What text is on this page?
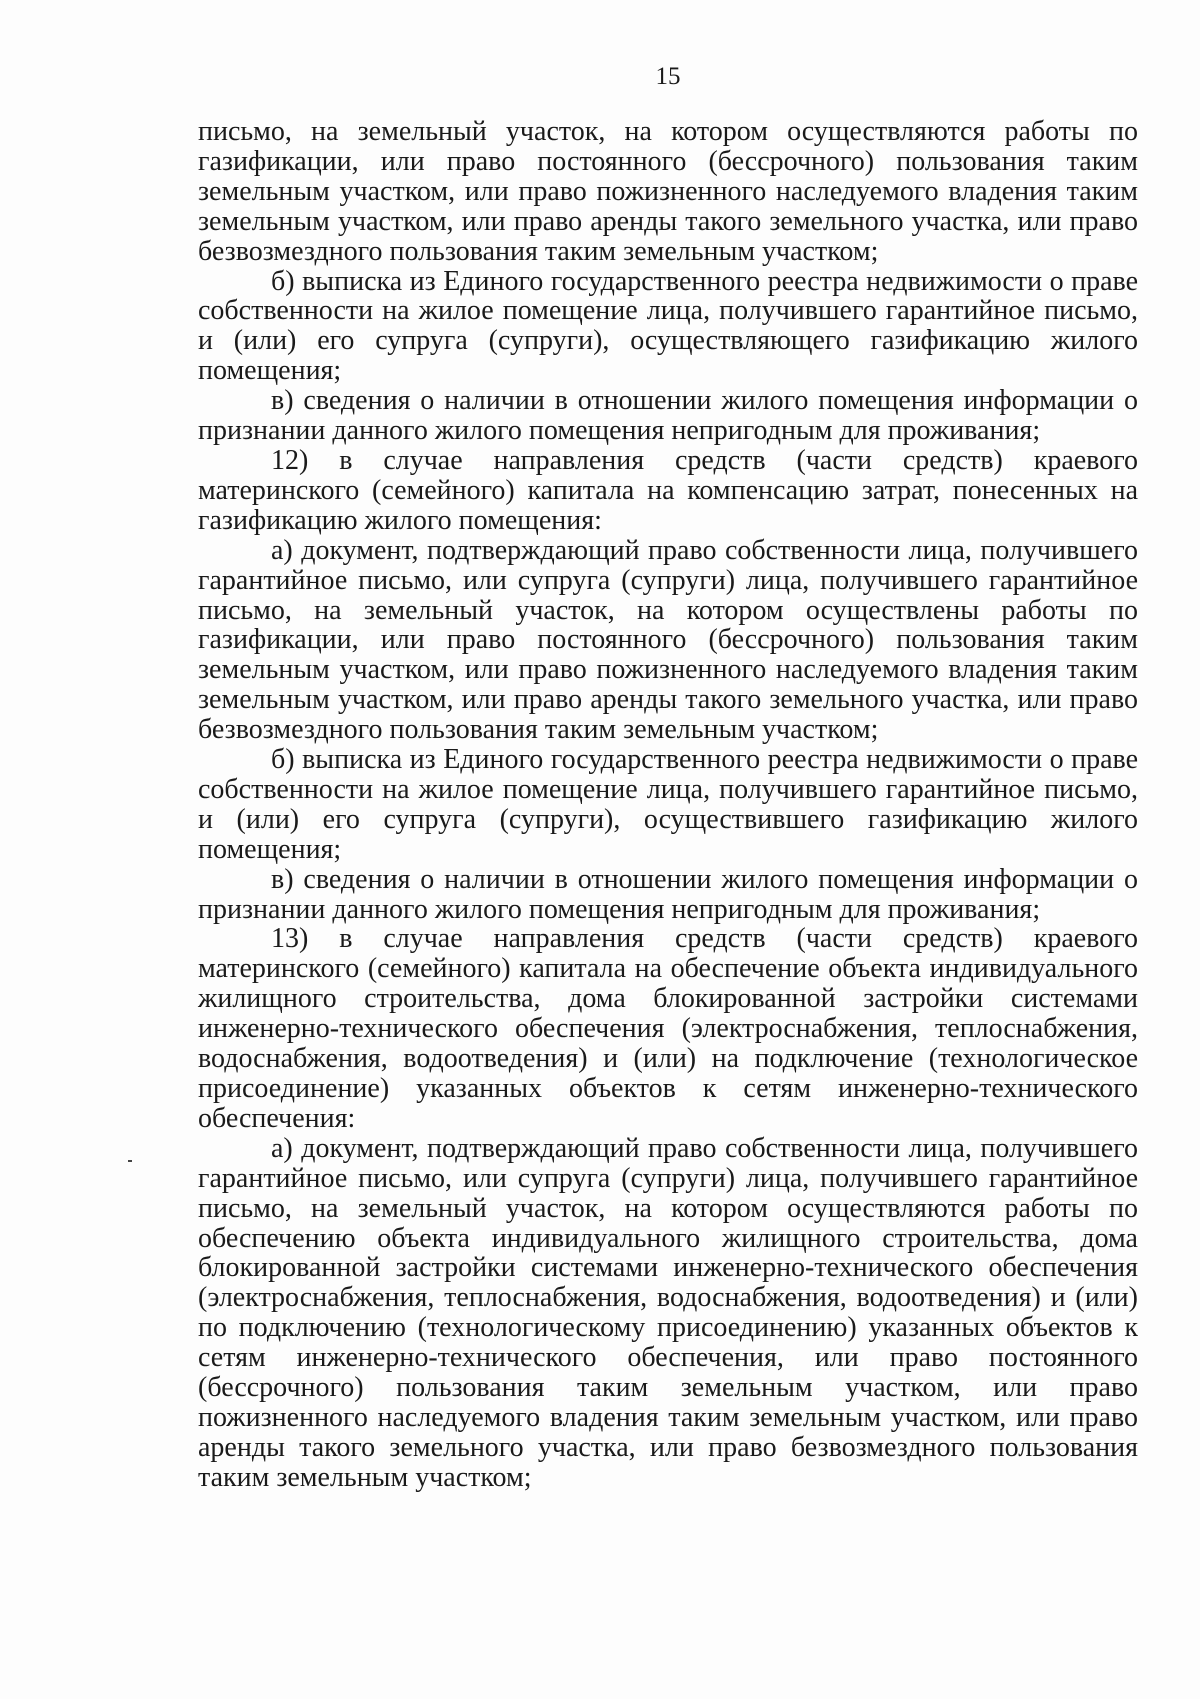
15

письмо, на земельный участок, на котором осуществляются работы по газификации, или право постоянного (бессрочного) пользования таким земельным участком, или право пожизненного наследуемого владения таким земельным участком, или право аренды такого земельного участка, или право безвозмездного пользования таким земельным участком;

б) выписка из Единого государственного реестра недвижимости о праве собственности на жилое помещение лица, получившего гарантийное письмо, и (или) его супруга (супруги), осуществляющего газификацию жилого помещения;

в) сведения о наличии в отношении жилого помещения информации о признании данного жилого помещения непригодным для проживания;

12) в случае направления средств (части средств) краевого материнского (семейного) капитала на компенсацию затрат, понесенных на газификацию жилого помещения:

а) документ, подтверждающий право собственности лица, получившего гарантийное письмо, или супруга (супруги) лица, получившего гарантийное письмо, на земельный участок, на котором осуществлены работы по газификации, или право постоянного (бессрочного) пользования таким земельным участком, или право пожизненного наследуемого владения таким земельным участком, или право аренды такого земельного участка, или право безвозмездного пользования таким земельным участком;

б) выписка из Единого государственного реестра недвижимости о праве собственности на жилое помещение лица, получившего гарантийное письмо, и (или) его супруга (супруги), осуществившего газификацию жилого помещения;

в) сведения о наличии в отношении жилого помещения информации о признании данного жилого помещения непригодным для проживания;

13) в случае направления средств (части средств) краевого материнского (семейного) капитала на обеспечение объекта индивидуального жилищного строительства, дома блокированной застройки системами инженерно-технического обеспечения (электроснабжения, теплоснабжения, водоснабжения, водоотведения) и (или) на подключение (технологическое присоединение) указанных объектов к сетям инженерно-технического обеспечения:

а) документ, подтверждающий право собственности лица, получившего гарантийное письмо, или супруга (супруги) лица, получившего гарантийное письмо, на земельный участок, на котором осуществляются работы по обеспечению объекта индивидуального жилищного строительства, дома блокированной застройки системами инженерно-технического обеспечения (электроснабжения, теплоснабжения, водоснабжения, водоотведения) и (или) по подключению (технологическому присоединению) указанных объектов к сетям инженерно-технического обеспечения, или право постоянного (бессрочного) пользования таким земельным участком, или право пожизненного наследуемого владения таким земельным участком, или право аренды такого земельного участка, или право безвозмездного пользования таким земельным участком;
